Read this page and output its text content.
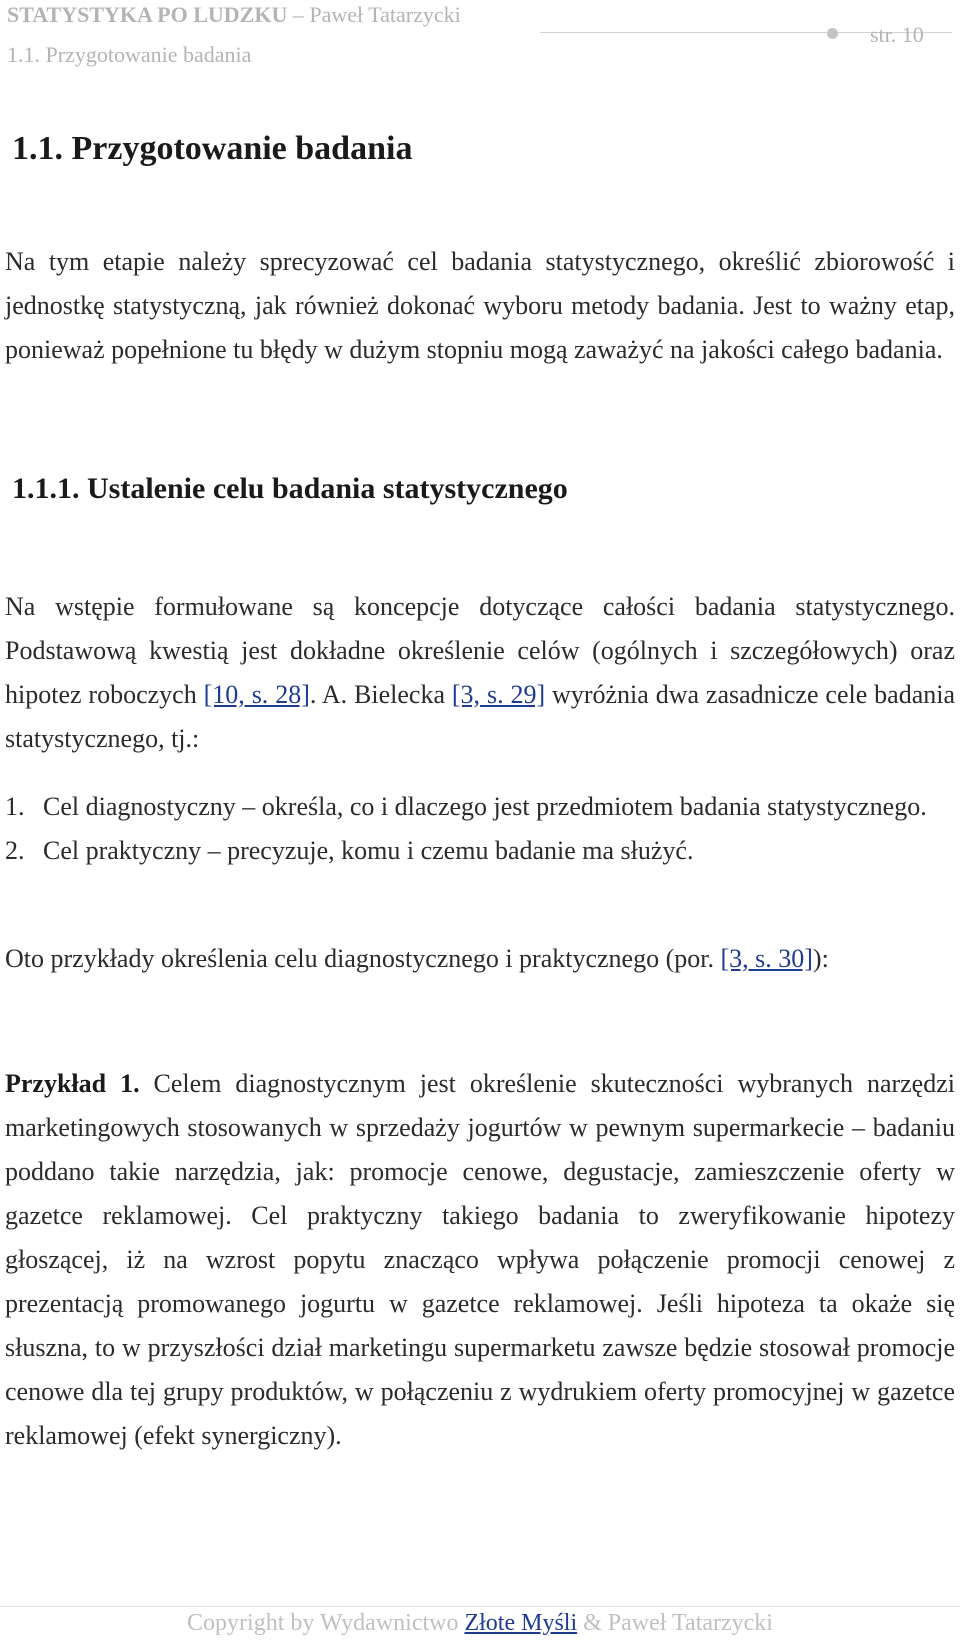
STATYSTYKA PO LUDZKU – Paweł Tatarzycki
1.1. Przygotowanie badania
str. 10
1.1. Przygotowanie badania

Na tym etapie należy sprecyzować cel badania statystycznego, określić zbiorowość i jednostkę statystyczną, jak również dokonać wyboru metody badania. Jest to ważny etap, ponieważ popełnione tu błędy w dużym stopniu mogą zaważyć na jakości całego badania.

1.1.1. Ustalenie celu badania statystycznego

Na wstępie formułowane są koncepcje dotyczące całości badania statystycznego. Podstawową kwestią jest dokładne określenie celów (ogólnych i szczegółowych) oraz hipotez roboczych [10, s. 28]. A. Bielecka [3, s. 29] wyróżnia dwa zasadnicze cele badania statystycznego, tj.:

1. Cel diagnostyczny – określa, co i dlaczego jest przedmiotem badania statystycznego.
2. Cel praktyczny – precyzuje, komu i czemu badanie ma służyć.

Oto przykłady określenia celu diagnostycznego i praktycznego (por. [3, s. 30]):

Przykład 1. Celem diagnostycznym jest określenie skuteczności wybranych narzędzi marketingowych stosowanych w sprzedaży jogurtów w pewnym supermarkecie – badaniu poddano takie narzędzia, jak: promocje cenowe, degustacje, zamieszczenie oferty w gazetce reklamowej. Cel praktyczny takiego badania to zweryfikowanie hipotezy głoszącej, iż na wzrost popytu znacząco wpływa połączenie promocji cenowej z prezentacją promowanego jogurtu w gazetce reklamowej. Jeśli hipoteza ta okaże się słuszna, to w przyszłości dział marketingu supermarketu zawsze będzie stosował promocje cenowe dla tej grupy produktów, w połączeniu z wydrukiem oferty promocyjnej w gazetce reklamowej (efekt synergiczny).

Copyright by Wydawnictwo Złote Myśli & Paweł Tatarzycki
